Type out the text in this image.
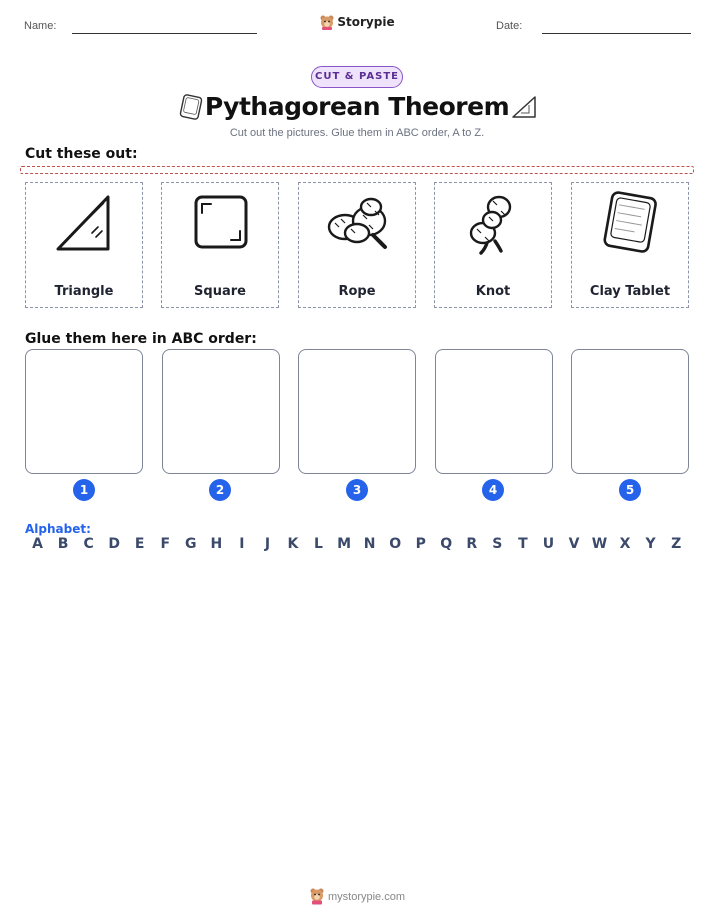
Name:	Storypie	Date:
CUT & PASTE
Pythagorean Theorem
Cut out the pictures. Glue them in ABC order, A to Z.
Cut these out:
Triangle	Square	Rope	Knot	Clay Tablet
Glue them here in ABC order:
1	2	3	4	5
Alphabet:
A	B	C	D	E	F	G H	I	J	K	L	M N O	P	Q	R	S	T	U	V W X	Y	Z
mystorypie.com
